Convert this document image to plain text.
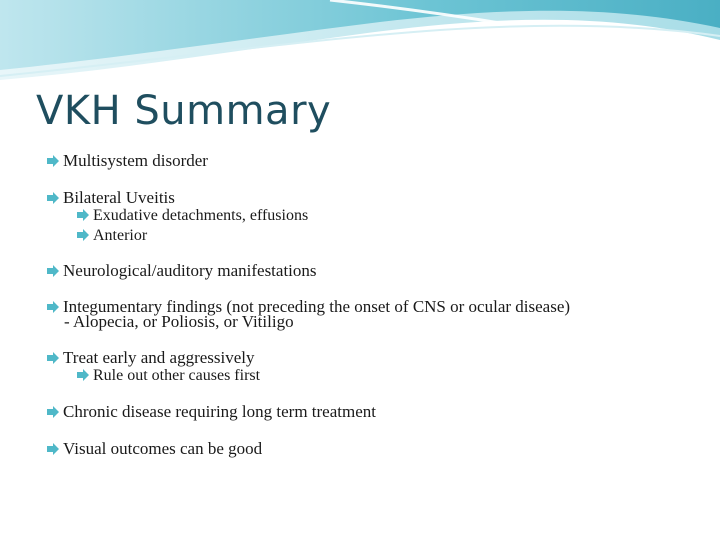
VKH Summary
Multisystem disorder
Bilateral Uveitis
Exudative detachments, effusions
Anterior
Neurological/auditory manifestations
Integumentary findings (not preceding the onset of CNS or ocular disease)
- Alopecia, or Poliosis, or Vitiligo
Treat early and aggressively
Rule out other causes first
Chronic disease requiring long term treatment
Visual outcomes can be good
